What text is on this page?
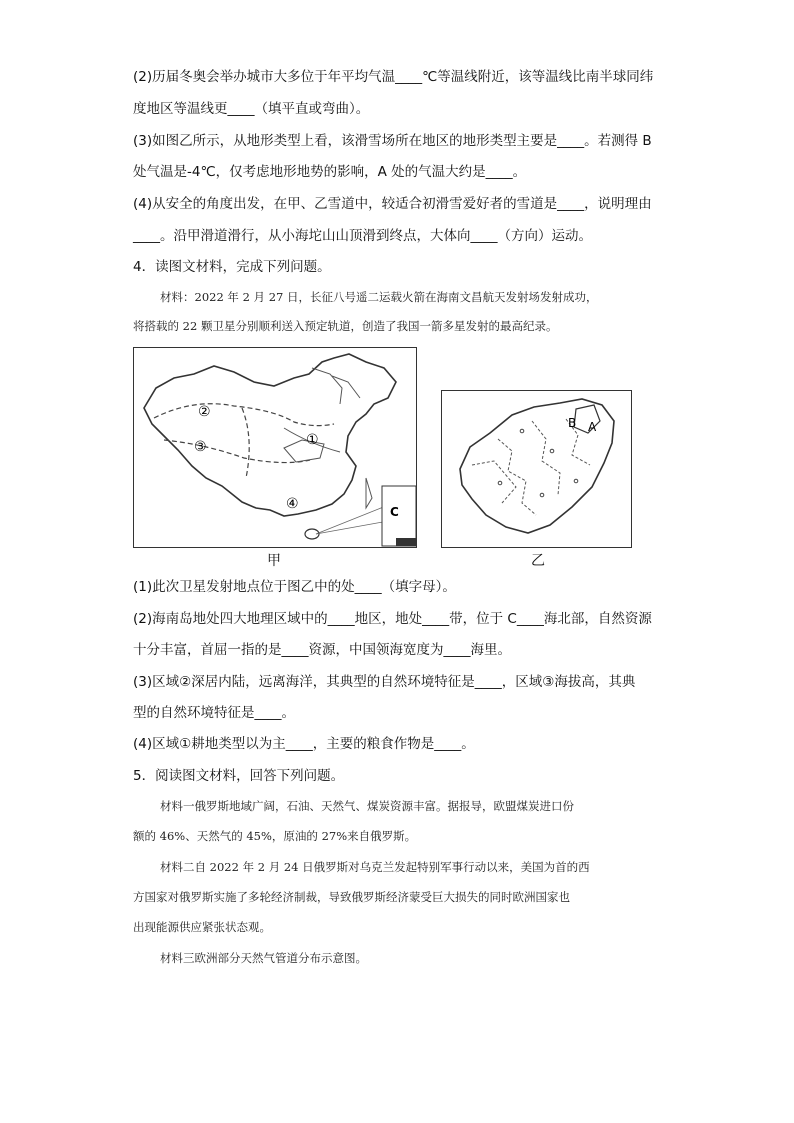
(2)历届冬奥会举办城市大多位于年平均气温____℃等温线附近，该等温线比南半球同纬
度地区等温线更____（填平直或弯曲）。
(3)如图乙所示，从地形类型上看，该滑雪场所在地区的地形类型主要是____。若测得 B
处气温是-4℃，仅考虑地形地势的影响，A 处的气温大约是____。
(4)从安全的角度出发，在甲、乙雪道中，较适合初滑雪爱好者的雪道是____，说明理由
____。沿甲滑道滑行，从小海坨山山顶滑到终点，大体向____（方向）运动。
4．读图文材料，完成下列问题。
材料：2022 年 2 月 27 日，长征八号遥二运载火箭在海南文昌航天发射场发射成功，
将搭载的 22 颗卫星分别顺利送入预定轨道，创造了我国一箭多星发射的最高纪录。
②
③	①
④	C
B A
甲	乙
(1)此次卫星发射地点位于图乙中的处____（填字母）。
(2)海南岛地处四大地理区域中的____地区，地处____带，位于 C____海北部，自然资源
十分丰富，首屈一指的是____资源，中国领海宽度为____海里。
(3)区域②深居内陆，远离海洋，其典型的自然环境特征是____，区域③海拔高，其典
型的自然环境特征是____。
(4)区域①耕地类型以为主____，主要的粮食作物是____。
5．阅读图文材料，回答下列问题。
材料一俄罗斯地域广阔，石油、天然气、煤炭资源丰富。据报导，欧盟煤炭进口份
额的 46%、天然气的 45%，原油的 27%来自俄罗斯。
材料二自 2022 年 2 月 24 日俄罗斯对乌克兰发起特别军事行动以来，美国为首的西
方国家对俄罗斯实施了多轮经济制裁，导致俄罗斯经济蒙受巨大损失的同时欧洲国家也
出现能源供应紧张状态观。
材料三欧洲部分天然气管道分布示意图。
